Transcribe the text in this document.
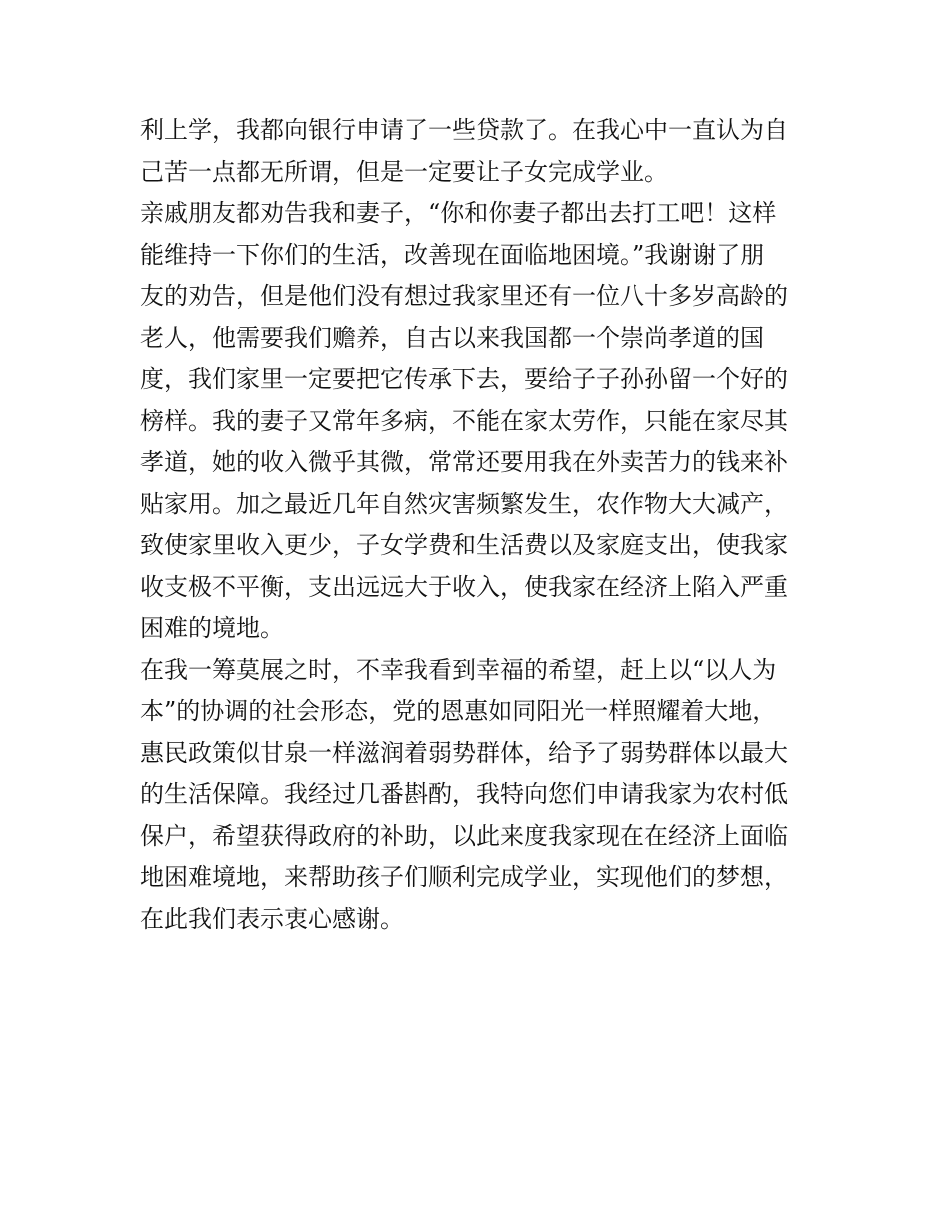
利上学，我都向银行申请了一些贷款了。在我心中一直认为自
己苦一点都无所谓，但是一定要让子女完成学业。
亲戚朋友都劝告我和妻子，“你和你妻子都出去打工吧！这样
能维持一下你们的生活，改善现在面临地困境。”我谢谢了朋
友的劝告，但是他们没有想过我家里还有一位八十多岁高龄的
老人，他需要我们赡养，自古以来我国都一个崇尚孝道的国
度，我们家里一定要把它传承下去，要给子子孙孙留一个好的
榜样。我的妻子又常年多病，不能在家太劳作，只能在家尽其
孝道，她的收入微乎其微，常常还要用我在外卖苦力的钱来补
贴家用。加之最近几年自然灾害频繁发生，农作物大大减产，
致使家里收入更少，子女学费和生活费以及家庭支出，使我家
收支极不平衡，支出远远大于收入，使我家在经济上陷入严重
困难的境地。
在我一筹莫展之时，不幸我看到幸福的希望，赶上以“以人为
本”的协调的社会形态，党的恩惠如同阳光一样照耀着大地，
惠民政策似甘泉一样滋润着弱势群体，给予了弱势群体以最大
的生活保障。我经过几番斟酌，我特向您们申请我家为农村低
保户，希望获得政府的补助，以此来度我家现在在经济上面临
地困难境地，来帮助孩子们顺利完成学业，实现他们的梦想，
在此我们表示衷心感谢。
